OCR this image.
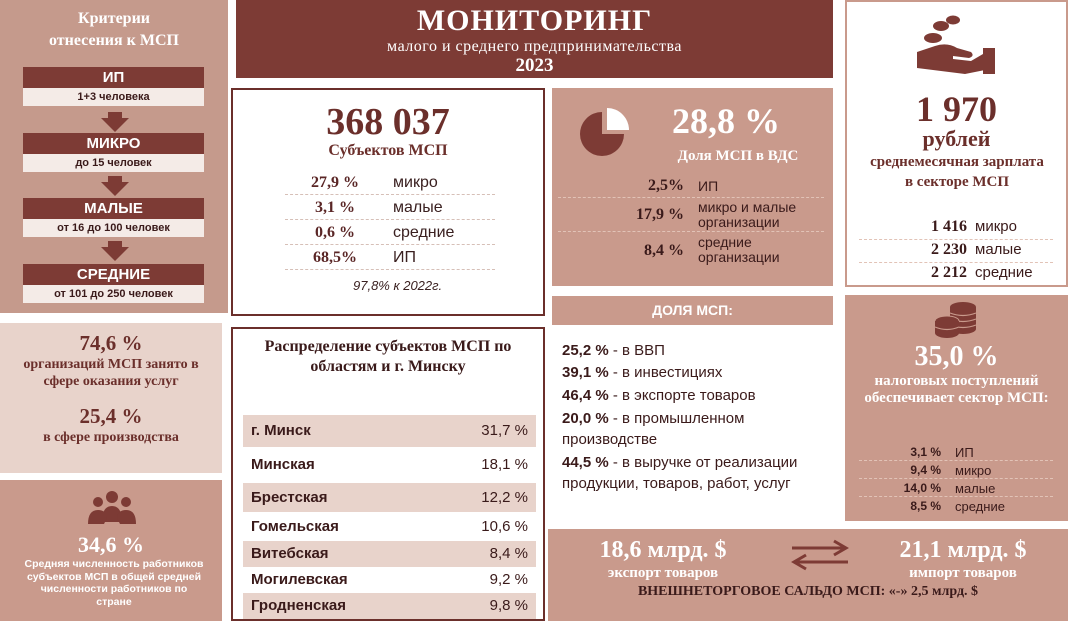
Критерии
отнесения к МСП
ИП
1+3 человека
МИКРО
до 15 человек
МАЛЫЕ
от 16 до 100 человек
СРЕДНИЕ
от 101 до 250 человек
МОНИТОРИНГ
малого и среднего предпринимательства
2023
368 037
Субъектов МСП
27,9 %	микро
3,1 %	малые
0,6 %	средние
68,5%	ИП
97,8% к 2022г.
28,8 %
Доля МСП в ВДС
2,5% ИП
17,9 % микро и малые организации
8,4 % средние организации
1 970
рублей
среднемесячная зарплата в секторе МСП
1 416 микро
2 230 малые
2 212 средние
74,6 %
организаций МСП занято в сфере оказания услуг
25,4 %
в сфере производства
34,6 %
Средняя численность работников субъектов МСП в общей средней численности работников по стране
Распределение субъектов МСП по областям и г. Минску
г. Минск	31,7 %
Минская	18,1 %
Брестская	12,2 %
Гомельская	10,6 %
Витебская	8,4 %
Могилевская	9,2 %
Гродненская	9,8 %
ДОЛЯ МСП:
25,2 % - в ВВП
39,1 % - в инвестициях
46,4 % - в экспорте товаров
20,0 % - в промышленном производстве
44,5 % - в выручке от реализации продукции, товаров, работ, услуг
35,0 %
налоговых поступлений обеспечивает сектор МСП:
3,1 % ИП
9,4 % микро
14,0 % малые
8,5 % средние
18,6 млрд. $
экспорт товаров
21,1 млрд. $
импорт товаров
ВНЕШНЕТОРГОВОЕ САЛЬДО МСП: «-» 2,5 млрд. $
